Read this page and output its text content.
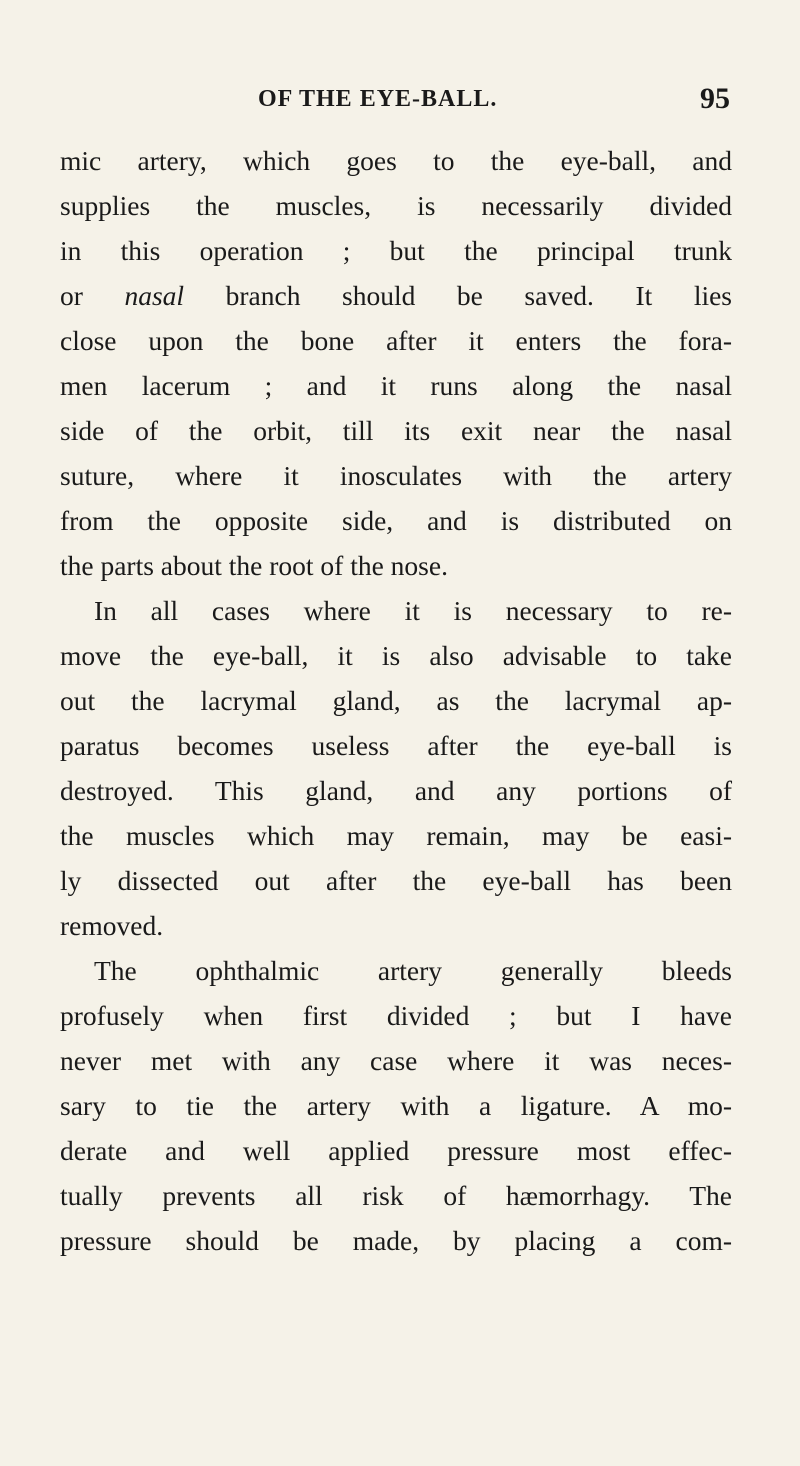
OF THE EYE-BALL.	95
mic artery, which goes to the eye-ball, and
supplies the muscles, is necessarily divided
in this operation ; but the principal trunk
or nasal branch should be saved. It lies
close upon the bone after it enters the fora-
men lacerum ; and it runs along the nasal
side of the orbit, till its exit near the nasal
suture, where it inosculates with the artery
from the opposite side, and is distributed on
the parts about the root of the nose.
In all cases where it is necessary to re-
move the eye-ball, it is also advisable to take
out the lacrymal gland, as the lacrymal ap-
paratus becomes useless after the eye-ball is
destroyed. This gland, and any portions of
the muscles which may remain, may be easi-
ly dissected out after the eye-ball has been
removed.
The ophthalmic artery generally bleeds
profusely when first divided ; but I have
never met with any case where it was neces-
sary to tie the artery with a ligature. A mo-
derate and well applied pressure most effec-
tually prevents all risk of hæmorrhagy. The
pressure should be made, by placing a com-
